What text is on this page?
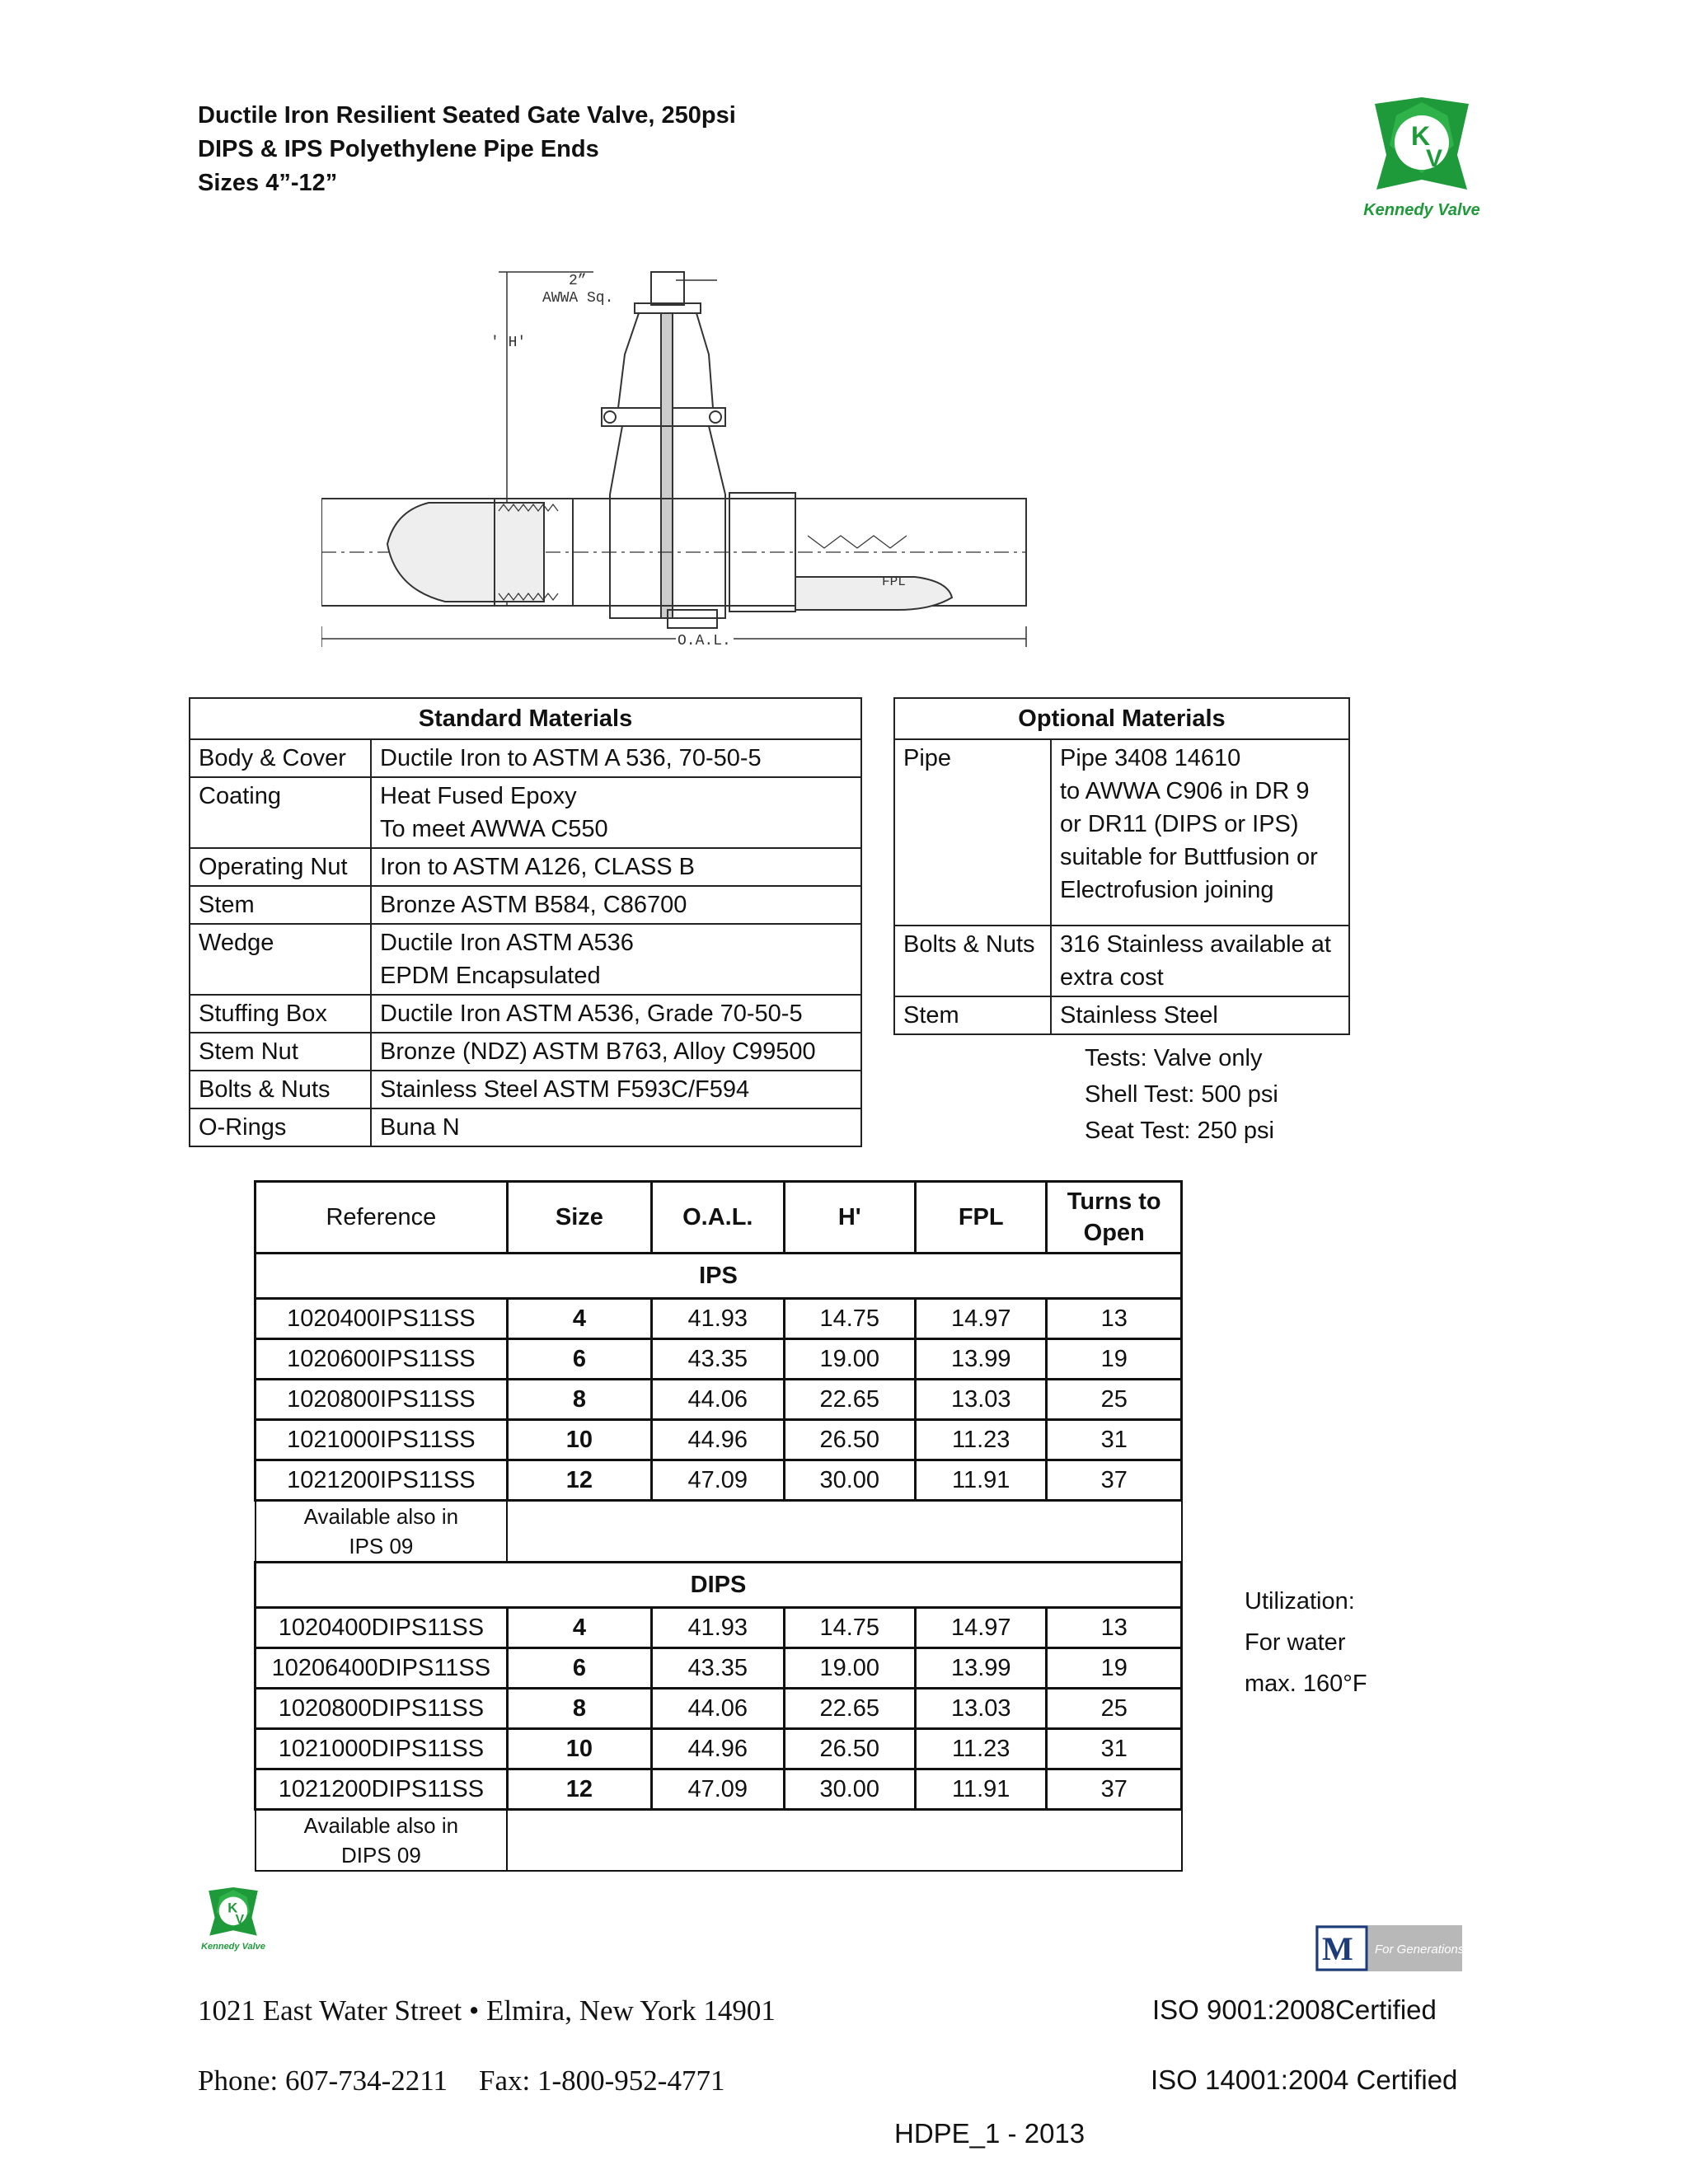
Ductile Iron Resilient Seated Gate Valve, 250psi
DIPS & IPS Polyethylene Pipe Ends
Sizes 4”-12”
K
V
Kennedy Valve
' H'
2”
AWWA Sq.
FPL
O.A.L.
Standard Materials	
Body & Cover	Ductile Iron to ASTM A 536, 70-50-5

Coating	Heat Fused Epoxy
To meet AWWA C550

Operating Nut	Iron to ASTM A126, CLASS B

Stem	Bronze ASTM B584, C86700

Wedge	Ductile Iron ASTM A536
EPDM Encapsulated

Stuffing Box	Ductile Iron ASTM A536, Grade 70-50-5

Stem Nut	Bronze (NDZ) ASTM B763, Alloy C99500

Bolts & Nuts	Stainless Steel ASTM F593C/F594

O-Rings	Buna N
Optional Materials	
Pipe	Pipe 3408 14610
to AWWA C906 in DR 9
or DR11 (DIPS or IPS)
suitable for Buttfusion or
Electrofusion joining

Bolts & Nuts	316 Stainless available at
extra cost

Stem	Stainless Steel
Tests: Valve only
Shell Test: 500 psi
Seat Test: 250 psi
Reference	Size	O.A.L.	H'	FPL	Turns to
Open

IPS					
1020400IPS11SS	4	41.93	14.75	14.97	13
1020600IPS11SS	6	43.35	19.00	13.99	19
1020800IPS11SS	8	44.06	22.65	13.03	25
1021000IPS11SS	10	44.96	26.50	11.23	31
1021200IPS11SS	12	47.09	30.00	11.91	37

Available also in
IPS 09					

DIPS					
1020400DIPS11SS	4	41.93	14.75	14.97	13
10206400DIPS11SS	6	43.35	19.00	13.99	19
1020800DIPS11SS	8	44.06	22.65	13.03	25
1021000DIPS11SS	10	44.96	26.50	11.23	31
1021200DIPS11SS	12	47.09	30.00	11.91	37

Available also in
DIPS 09					

Utilization:
For water
max. 160°F
K
V
Kennedy Valve	M For Generations
1021 East Water Street • Elmira, New York 14901
Phone: 607-734-2211 Fax: 1-800-952-4771
ISO 9001:2008Certified
ISO 14001:2004 Certified
HDPE_1 - 2013
